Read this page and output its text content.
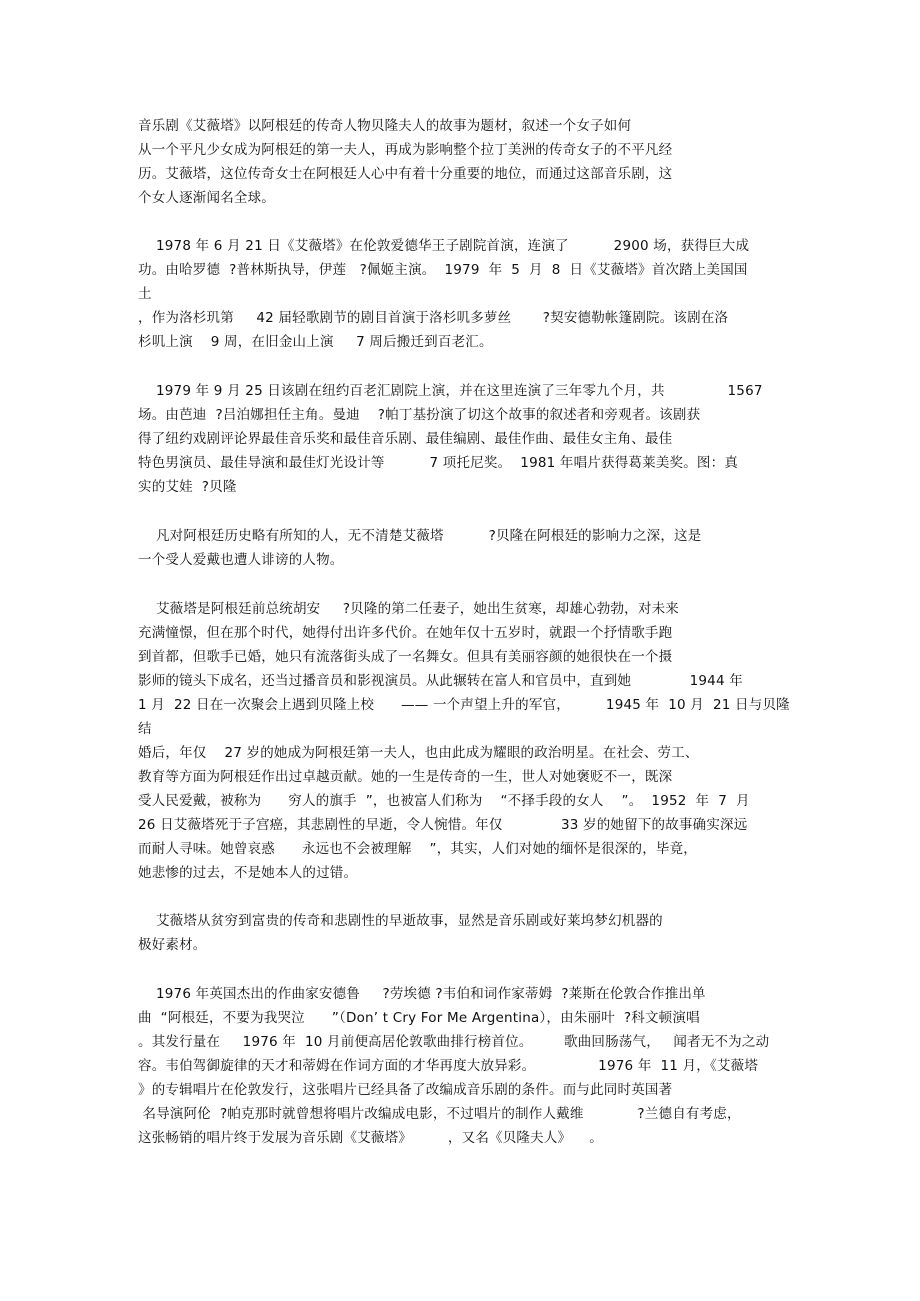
音乐剧《艾薇塔》以阿根廷的传奇人物贝隆夫人的故事为题材，叙述一个女子如何
从一个平凡少女成为阿根廷的第一夫人，再成为影响整个拉丁美洲的传奇女子的不平凡经
历。艾薇塔，这位传奇女士在阿根廷人心中有着十分重要的地位，而通过这部音乐剧，这
个女人逐渐闻名全球。
1978 年 6 月 21 日《艾薇塔》在伦敦爱德华王子剧院首演，连演了          2900 场，获得巨大成
功。由哈罗德  ?普林斯执导，伊莲   ?佩姬主演。  1979  年  5  月  8  日《艾薇塔》首次踏上美国国
土
，作为洛杉玑第     42 届轻歌剧节的剧目首演于洛杉叽多萝丝       ?契安德勒帐篷剧院。该剧在洛
杉叽上演    9 周，在旧金山上演     7 周后搬迁到百老汇。
1979 年 9 月 25 日该剧在纽约百老汇剧院上演，并在这里连演了三年零九个月，共              1567
场。由芭迪  ?吕泊娜担任主角。曼迪    ?帕丁基扮演了切这个故事的叙述者和旁观者。该剧获
得了纽约戏剧评论界最佳音乐奖和最佳音乐剧、最佳编剧、最佳作曲、最佳女主角、最佳
特色男演员、最佳导演和最佳灯光设计等          7 项托尼奖。  1981 年唱片获得葛莱美奖。图：真
实的艾娃  ?贝隆
凡对阿根廷历史略有所知的人，无不清楚艾薇塔          ?贝隆在阿根廷的影响力之深，这是
一个受人爱戴也遭人诽谤的人物。
艾薇塔是阿根廷前总统胡安     ?贝隆的第二任妻子，她出生贫寒，却雄心勃勃，对未来
充满憧憬，但在那个时代，她得付出许多代价。在她年仅十五岁时，就跟一个抒情歌手跑
到首都，但歌手已婚，她只有流落街头成了一名舞女。但具有美丽容颜的她很快在一个摄
影师的镜头下成名，还当过播音员和影视演员。从此辗转在富人和官员中，直到她             1944 年
1 月  22 日在一次聚会上遇到贝隆上校      —— 一个声望上升的军官，        1945 年  10 月  21 日与贝隆
结
婚后，年仅    27 岁的她成为阿根廷第一夫人，也由此成为耀眼的政治明星。在社会、劳工、
教育等方面为阿根廷作出过卓越贡献。她的一生是传奇的一生，世人对她褒贬不一，既深
受人民爱戴，被称为      穷人的旗手  ”，也被富人们称为    “不择手段的女人    ”。  1952  年  7  月
26 日艾薇塔死于子宫癌，其悲剧性的早逝，令人惋惜。年仅             33 岁的她留下的故事确实深远
而耐人寻味。她曾哀惑      永远也不会被理解    ”，其实，人们对她的缅怀是很深的，毕竟，
她悲惨的过去，不是她本人的过错。
艾薇塔从贫穷到富贵的传奇和悲剧性的早逝故事，显然是音乐剧或好莱坞梦幻机器的
极好素材。
1976 年英国杰出的作曲家安德鲁     ?劳埃德 ?韦伯和词作家蒂姆  ?莱斯在伦敦合作推出单
曲  “阿根廷，不要为我哭泣      ”（Don’ t Cry For Me Argentina），由朱丽叶  ?科文顿演唱
。其发行量在     1976 年  10 月前便高居伦敦歌曲排行榜首位。       歌曲回肠荡气，   闻者无不为之动
容。韦伯驾御旋律的天才和蒂姆在作词方面的才华再度大放异彩。              1976 年  11 月，《艾薇塔
》的专辑唱片在伦敦发行，这张唱片已经具备了改编成音乐剧的条件。而与此同时英国著
名导演阿伦  ?帕克那时就曾想将唱片改编成电影，不过唱片的制作人戴维            ?兰德自有考虑，
这张畅销的唱片终于发展为音乐剧《艾薇塔》        ，又名《贝隆夫人》    。
